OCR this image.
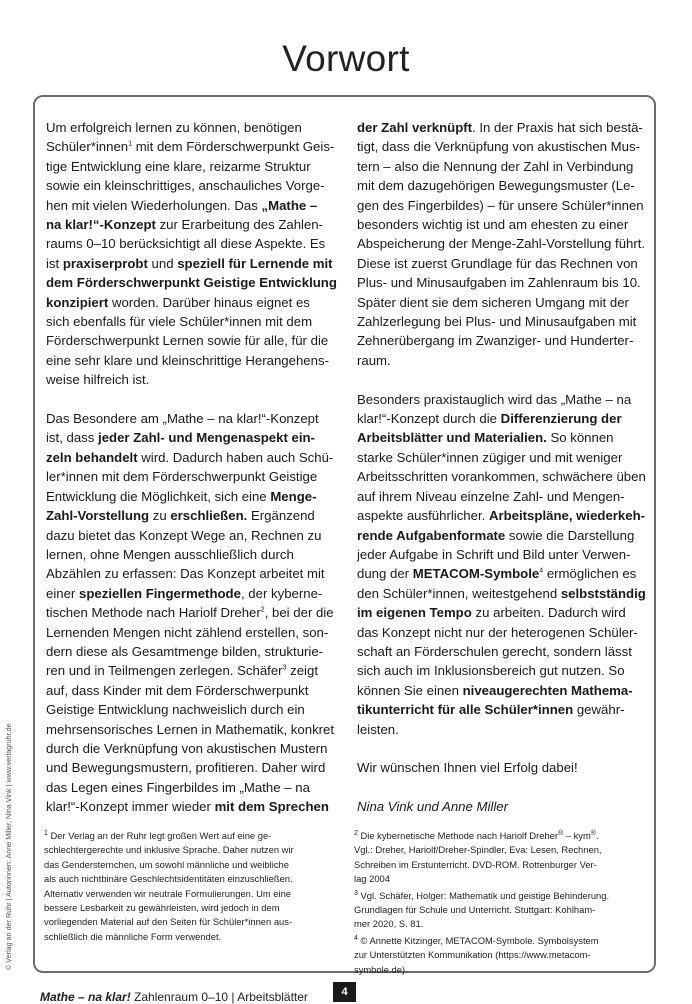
Vorwort

Um erfolgreich lernen zu können, benötigen
Schüler*innen$^1$ mit dem Förderschwerpunkt Geis-
tige Entwicklung eine klare, reizarme Struktur
sowie ein kleinschrittiges, anschauliches Vorge-
hen mit vielen Wiederholungen. Das „Mathe –
na klar!“-Konzept zur Erarbeitung des Zahlen-
raums 0–10 berücksichtigt all diese Aspekte. Es
ist praxiserprobt und speziell für Lernende mit
dem Förderschwerpunkt Geistige Entwicklung
konzipiert worden. Darüber hinaus eignet es
sich ebenfalls für viele Schüler*innen mit dem
Förderschwerpunkt Lernen sowie für alle, für die
eine sehr klare und kleinschrittige Herangehens-
weise hilfreich ist.

Das Besondere am „Mathe – na klar!“-Konzept
ist, dass jeder Zahl- und Mengenaspekt ein-
zeln behandelt wird. Dadurch haben auch Schü-
ler*innen mit dem Förderschwerpunkt Geistige
Entwicklung die Möglichkeit, sich eine Menge-
Zahl-Vorstellung zu erschließen. Ergänzend
dazu bietet das Konzept Wege an, Rechnen zu
lernen, ohne Mengen ausschließlich durch
Abzählen zu erfassen: Das Konzept arbeitet mit
einer speziellen Fingermethode, der kyberne-
tischen Methode nach Hariolf Dreher$^2$, bei der die
Lernenden Mengen nicht zählend erstellen, son-
dern diese als Gesamtmenge bilden, strukturie-
ren und in Teilmengen zerlegen. Schäfer$^3$ zeigt
auf, dass Kinder mit dem Förderschwerpunkt
Geistige Entwicklung nachweislich durch ein
mehrsensorisches Lernen in Mathematik, konkret
durch die Verknüpfung von akustischen Mustern
und Bewegungsmustern, profitieren. Daher wird
das Legen eines Fingerbildes im „Mathe – na
klar!“-Konzept immer wieder mit dem Sprechen

der Zahl verknüpft. In der Praxis hat sich bestä-
tigt, dass die Verknüpfung von akustischen Mus-
tern – also die Nennung der Zahl in Verbindung
mit dem dazugehörigen Bewegungsmuster (Le-
gen des Fingerbildes) – für unsere Schüler*innen
besonders wichtig ist und am ehesten zu einer
Abspeicherung der Menge-Zahl-Vorstellung führt.
Diese ist zuerst Grundlage für das Rechnen von
Plus- und Minusaufgaben im Zahlenraum bis 10.
Später dient sie dem sicheren Umgang mit der
Zahlzerlegung bei Plus- und Minusaufgaben mit
Zehnerübergang im Zwanziger- und Hunderter-
raum.

Besonders praxistauglich wird das „Mathe – na
klar!“-Konzept durch die Differenzierung der
Arbeitsblätter und Materialien. So können
starke Schüler*innen zügiger und mit weniger
Arbeitsschritten vorankommen, schwächere üben
auf ihrem Niveau einzelne Zahl- und Mengen-
aspekte ausführlicher. Arbeitspläne, wiederkeh-
rende Aufgabenformate sowie die Darstellung
jeder Aufgabe in Schrift und Bild unter Verwen-
dung der METACOM-Symbole$^4$ ermöglichen es
den Schüler*innen, weitestgehend selbstständig
im eigenen Tempo zu arbeiten. Dadurch wird
das Konzept nicht nur der heterogenen Schüler-
schaft an Förderschulen gerecht, sondern lässt
sich auch im Inklusionsbereich gut nutzen. So
können Sie einen niveaugerechten Mathema-
tikunterricht für alle Schüler*innen gewähr-
leisten.

Wir wünschen Ihnen viel Erfolg dabei!

Nina Vink und Anne Miller

$^1$ Der Verlag an der Ruhr legt großen Wert auf eine ge-
schlechtergerechte und inklusive Sprache. Daher nutzen wir
das Gendersternchen, um sowohl männliche und weibliche
als auch nichtbinäre Geschlechtsidentitäten einzuschließen.
Alternativ verwenden wir neutrale Formulierungen. Um eine
bessere Lesbarkeit zu gewährleisten, wird jedoch in dem
vorliegenden Material auf den Seiten für Schüler*innen aus-
schließlich die männliche Form verwendet.

$^2$ Die kybernetische Methode nach Hariolf Dreher® – kym®.
Vgl.: Dreher, Hariolf/Dreher-Spindler, Eva: Lesen, Rechnen,
Schreiben im Erstunterricht. DVD-ROM. Rottenburger Ver-
lag 2004

$^3$ Vgl. Schäfer, Holger: Mathematik und geistige Behinderung.
Grundlagen für Schule und Unterricht. Stuttgart: Kohlham-
mer 2020, S. 81.

$^4$ © Annette Kitzinger, METACOM-Symbole. Symbolsystem
zur Unterstützten Kommunikation (https://www.metacom-
symbole.de)

© Verlag an der Ruhr | Autorinnen: Anne Miller, Nina Vink | www.verlagruhr.de
Mathe – na klar! Zahlenraum 0–10 | Arbeitsblätter	4
